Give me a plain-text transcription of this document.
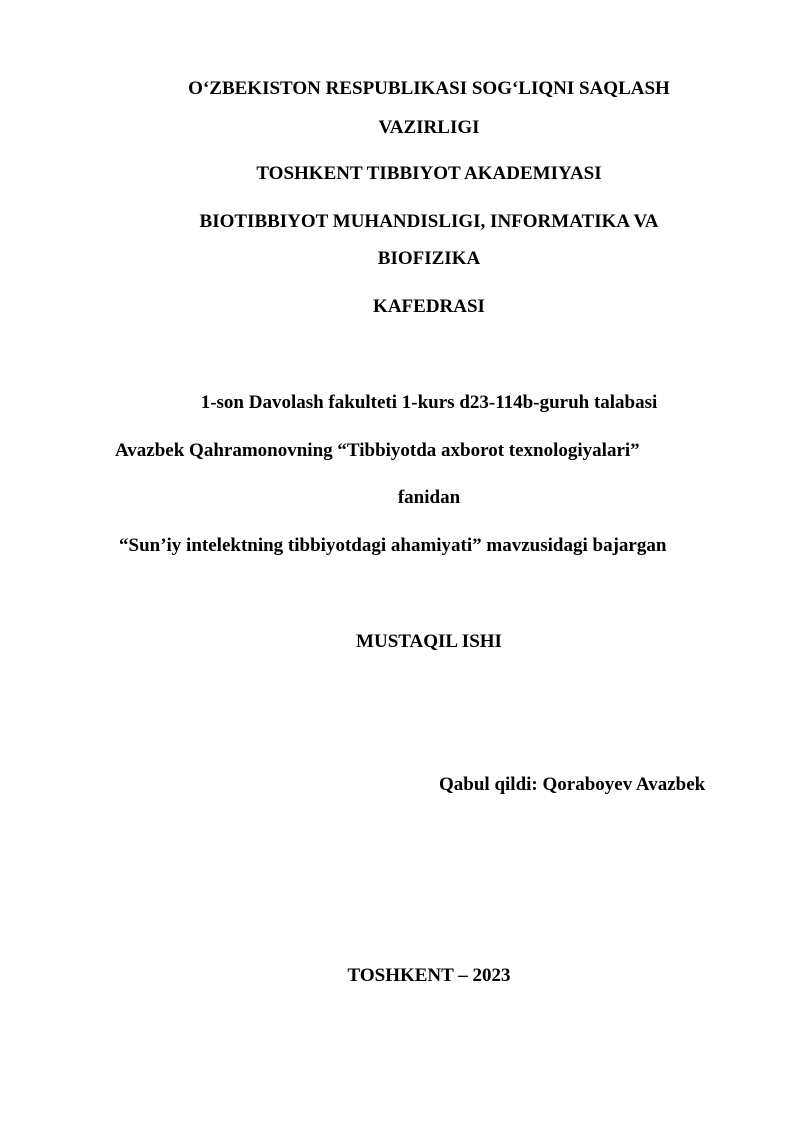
O‘ZBEKISTON RESPUBLIKASI SOG‘LIQNI SAQLASH
VAZIRLIGI
TOSHKENT TIBBIYOT AKADEMIYASI
BIOTIBBIYOT MUHANDISLIGI, INFORMATIKA VA
BIOFIZIKA
KAFEDRASI
1-son Davolash fakulteti 1-kurs d23-114b-guruh talabasi
Avazbek Qahramonovning “Tibbiyotda axborot texnologiyalari”
fanidan
“Sun’iy intelektning tibbiyotdagi ahamiyati” mavzusidagi bajargan
MUSTAQIL ISHI
Qabul qildi: Qoraboyev Avazbek
TOSHKENT – 2023
